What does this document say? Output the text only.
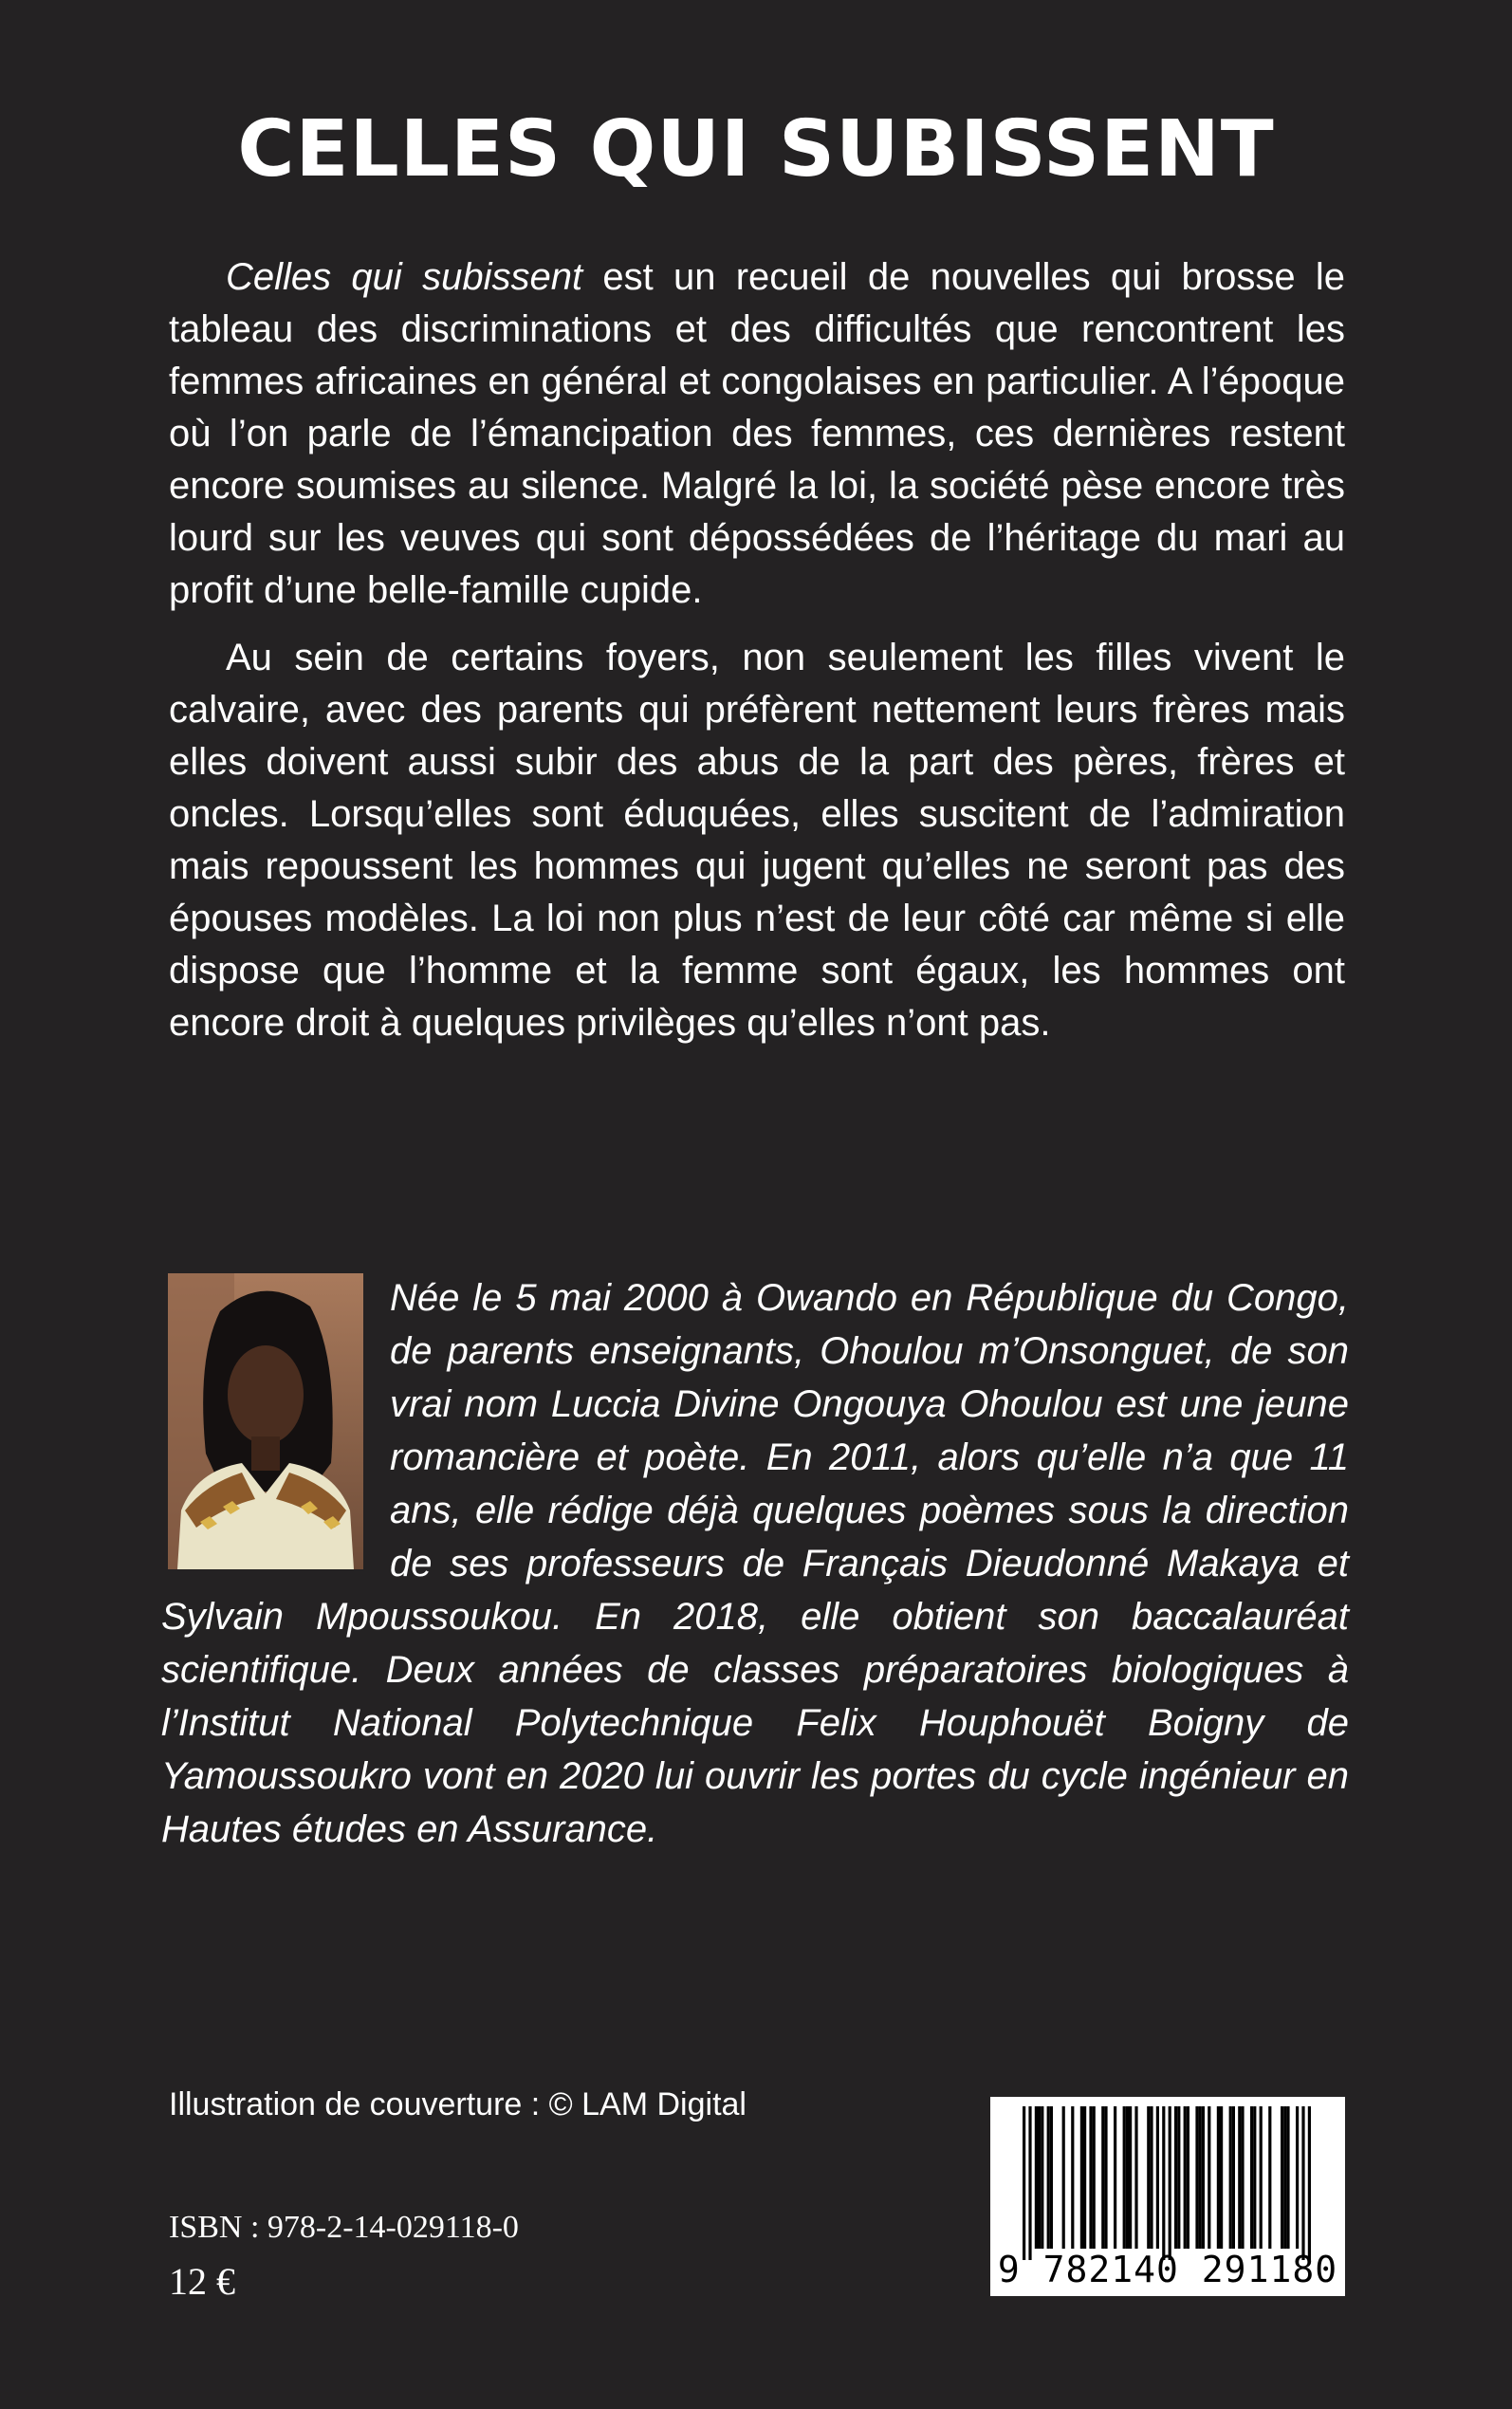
CELLES QUI SUBISSENT

Celles qui subissent est un recueil de nouvelles qui brosse le tableau des discriminations et des difficultés que rencontrent les femmes africaines en général et congolaises en particulier. A l’époque où l’on parle de l’émancipation des femmes, ces dernières restent encore soumises au silence. Malgré la loi, la société pèse encore très lourd sur les veuves qui sont dépossédées de l’héritage du mari au profit d’une belle-famille cupide.

Au sein de certains foyers, non seulement les filles vivent le calvaire, avec des parents qui préfèrent nettement leurs frères mais elles doivent aussi subir des abus de la part des pères, frères et oncles. Lorsqu’elles sont éduquées, elles suscitent de l’admiration mais repoussent les hommes qui jugent qu’elles ne seront pas des épouses modèles. La loi non plus n’est de leur côté car même si elle dispose que l’homme et la femme sont égaux, les hommes ont encore droit à quelques privilèges qu’elles n’ont pas.

Née le 5 mai 2000 à Owando en République du Congo, de parents enseignants, Ohoulou m’Onsonguet, de son vrai nom Luccia Divine Ongouya Ohoulou est une jeune romancière et poète. En 2011, alors qu’elle n’a que 11 ans, elle rédige déjà quelques poèmes sous la direction de ses professeurs de Français Dieudonné Makaya et Sylvain Mpoussoukou. En 2018, elle obtient son baccalauréat scientifique. Deux années de classes préparatoires biologiques à l’Institut National Polytechnique Felix Houphouët Boigny de Yamoussoukro vont en 2020 lui ouvrir les portes du cycle ingénieur en Hautes études en Assurance.
Illustration de couverture : © LAM Digital
ISBN : 978-2-14-029118-0
12 €	9 782140 291180
